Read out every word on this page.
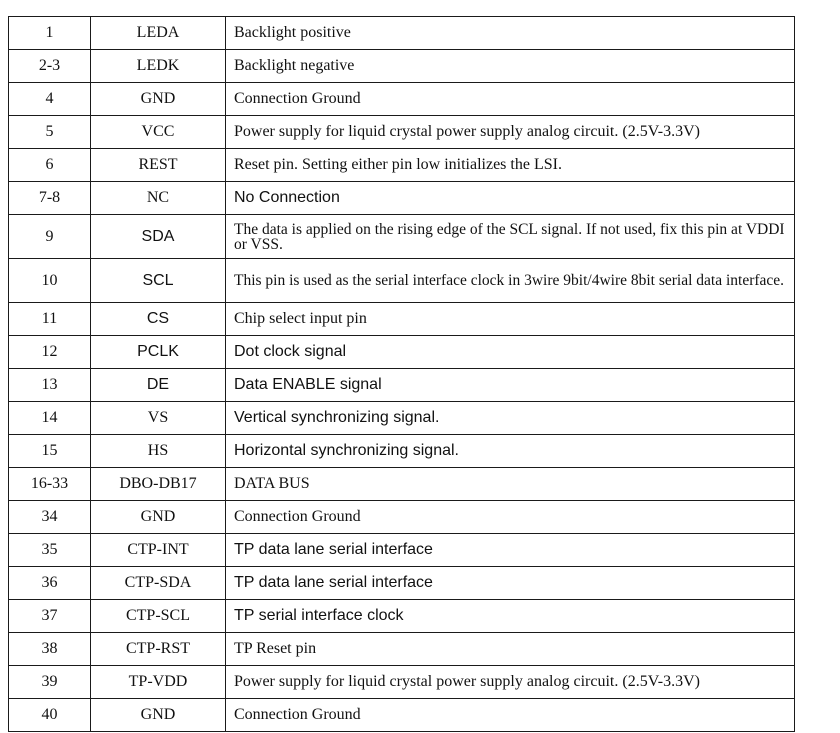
1	LEDA	Backlight positive
2-3	LEDK	Backlight negative
4	GND	Connection Ground
5	VCC	Power supply for liquid crystal power supply analog circuit. (2.5V-3.3V)
6	REST	Reset pin. Setting either pin low initializes the LSI.
7-8	NC	No Connection
9	SDA	The data is applied on the rising edge of the SCL signal. If not used, fix this pin at VDDI or VSS.
10	SCL	This pin is used as the serial interface clock in 3wire 9bit/4wire 8bit serial data interface.
11	CS	Chip select input pin
12	PCLK	Dot clock signal
13	DE	Data ENABLE signal
14	VS	Vertical synchronizing signal.
15	HS	Horizontal synchronizing signal.
16-33	DBO-DB17	DATA BUS
34	GND	Connection Ground
35	CTP-INT	TP data lane serial interface
36	CTP-SDA	TP data lane serial interface
37	CTP-SCL	TP serial interface clock
38	CTP-RST	TP Reset pin
39	TP-VDD	Power supply for liquid crystal power supply analog circuit. (2.5V-3.3V)
40	GND	Connection Ground
